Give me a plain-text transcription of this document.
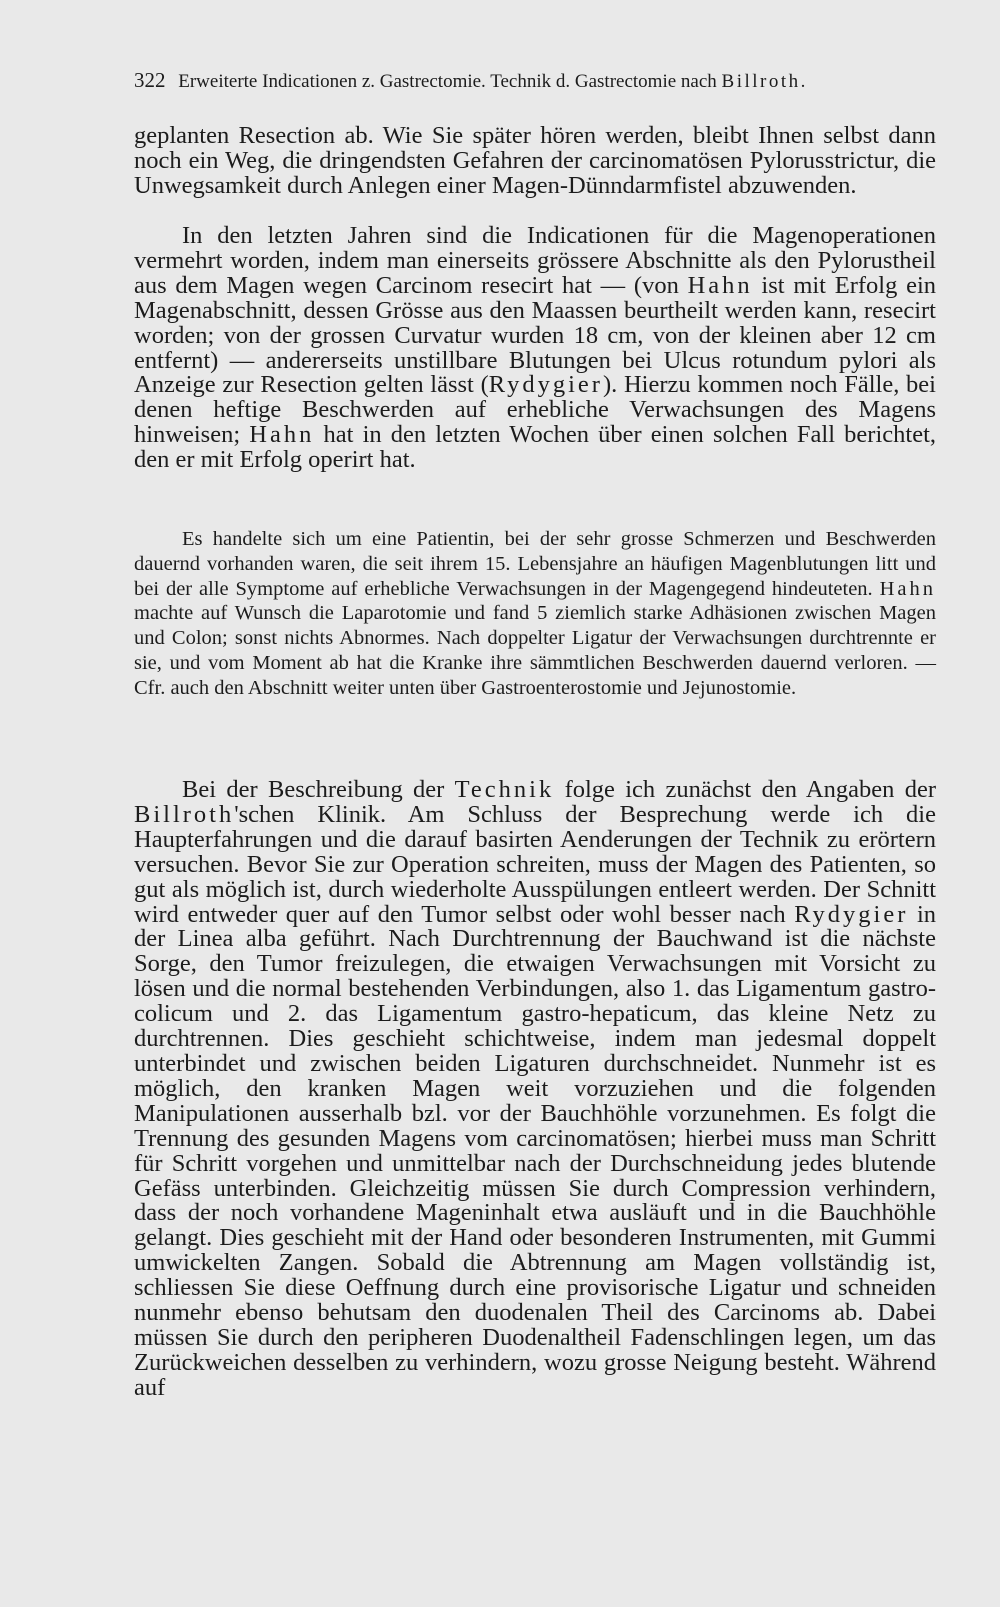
322 Erweiterte Indicationen z. Gastrectomie. Technik d. Gastrectomie nach Billroth.

geplanten Resection ab. Wie Sie später hören werden, bleibt Ihnen selbst dann noch ein Weg, die dringendsten Gefahren der carcinomatösen Pylorusstrictur, die Unwegsamkeit durch Anlegen einer Magen-Dünndarmfistel abzuwenden.

In den letzten Jahren sind die Indicationen für die Magenoperationen vermehrt worden, indem man einerseits grössere Abschnitte als den Pylorustheil aus dem Magen wegen Carcinom resecirt hat — (von Hahn ist mit Erfolg ein Magenabschnitt, dessen Grösse aus den Maassen beurtheilt werden kann, resecirt worden; von der grossen Curvatur wurden 18 cm, von der kleinen aber 12 cm entfernt) — andererseits unstillbare Blutungen bei Ulcus rotundum pylori als Anzeige zur Resection gelten lässt (Rydygier). Hierzu kommen noch Fälle, bei denen heftige Beschwerden auf erhebliche Verwachsungen des Magens hinweisen; Hahn hat in den letzten Wochen über einen solchen Fall berichtet, den er mit Erfolg operirt hat.

Es handelte sich um eine Patientin, bei der sehr grosse Schmerzen und Beschwerden dauernd vorhanden waren, die seit ihrem 15. Lebensjahre an häufigen Magenblutungen litt und bei der alle Symptome auf erhebliche Verwachsungen in der Magengegend hindeuteten. Hahn machte auf Wunsch die Laparotomie und fand 5 ziemlich starke Adhäsionen zwischen Magen und Colon; sonst nichts Abnormes. Nach doppelter Ligatur der Verwachsungen durchtrennte er sie, und vom Moment ab hat die Kranke ihre sämmtlichen Beschwerden dauernd verloren. — Cfr. auch den Abschnitt weiter unten über Gastroenterostomie und Jejunostomie.

Bei der Beschreibung der Technik folge ich zunächst den Angaben der Billroth'schen Klinik. Am Schluss der Besprechung werde ich die Haupterfahrungen und die darauf basirten Aenderungen der Technik zu erörtern versuchen. Bevor Sie zur Operation schreiten, muss der Magen des Patienten, so gut als möglich ist, durch wiederholte Ausspülungen entleert werden. Der Schnitt wird entweder quer auf den Tumor selbst oder wohl besser nach Rydygier in der Linea alba geführt. Nach Durchtrennung der Bauchwand ist die nächste Sorge, den Tumor freizulegen, die etwaigen Verwachsungen mit Vorsicht zu lösen und die normal bestehenden Verbindungen, also 1. das Ligamentum gastro-colicum und 2. das Ligamentum gastro-hepaticum, das kleine Netz zu durchtrennen. Dies geschieht schichtweise, indem man jedesmal doppelt unterbindet und zwischen beiden Ligaturen durchschneidet. Nunmehr ist es möglich, den kranken Magen weit vorzuziehen und die folgenden Manipulationen ausserhalb bzl. vor der Bauchhöhle vorzunehmen. Es folgt die Trennung des gesunden Magens vom carcinomatösen; hierbei muss man Schritt für Schritt vorgehen und unmittelbar nach der Durchschneidung jedes blutende Gefäss unterbinden. Gleichzeitig müssen Sie durch Compression verhindern, dass der noch vorhandene Mageninhalt etwa ausläuft und in die Bauchhöhle gelangt. Dies geschieht mit der Hand oder besonderen Instrumenten, mit Gummi umwickelten Zangen. Sobald die Abtrennung am Magen vollständig ist, schliessen Sie diese Oeffnung durch eine provisorische Ligatur und schneiden nunmehr ebenso behutsam den duodenalen Theil des Carcinoms ab. Dabei müssen Sie durch den peripheren Duodenaltheil Fadenschlingen legen, um das Zurückweichen desselben zu verhindern, wozu grosse Neigung besteht. Während auf
